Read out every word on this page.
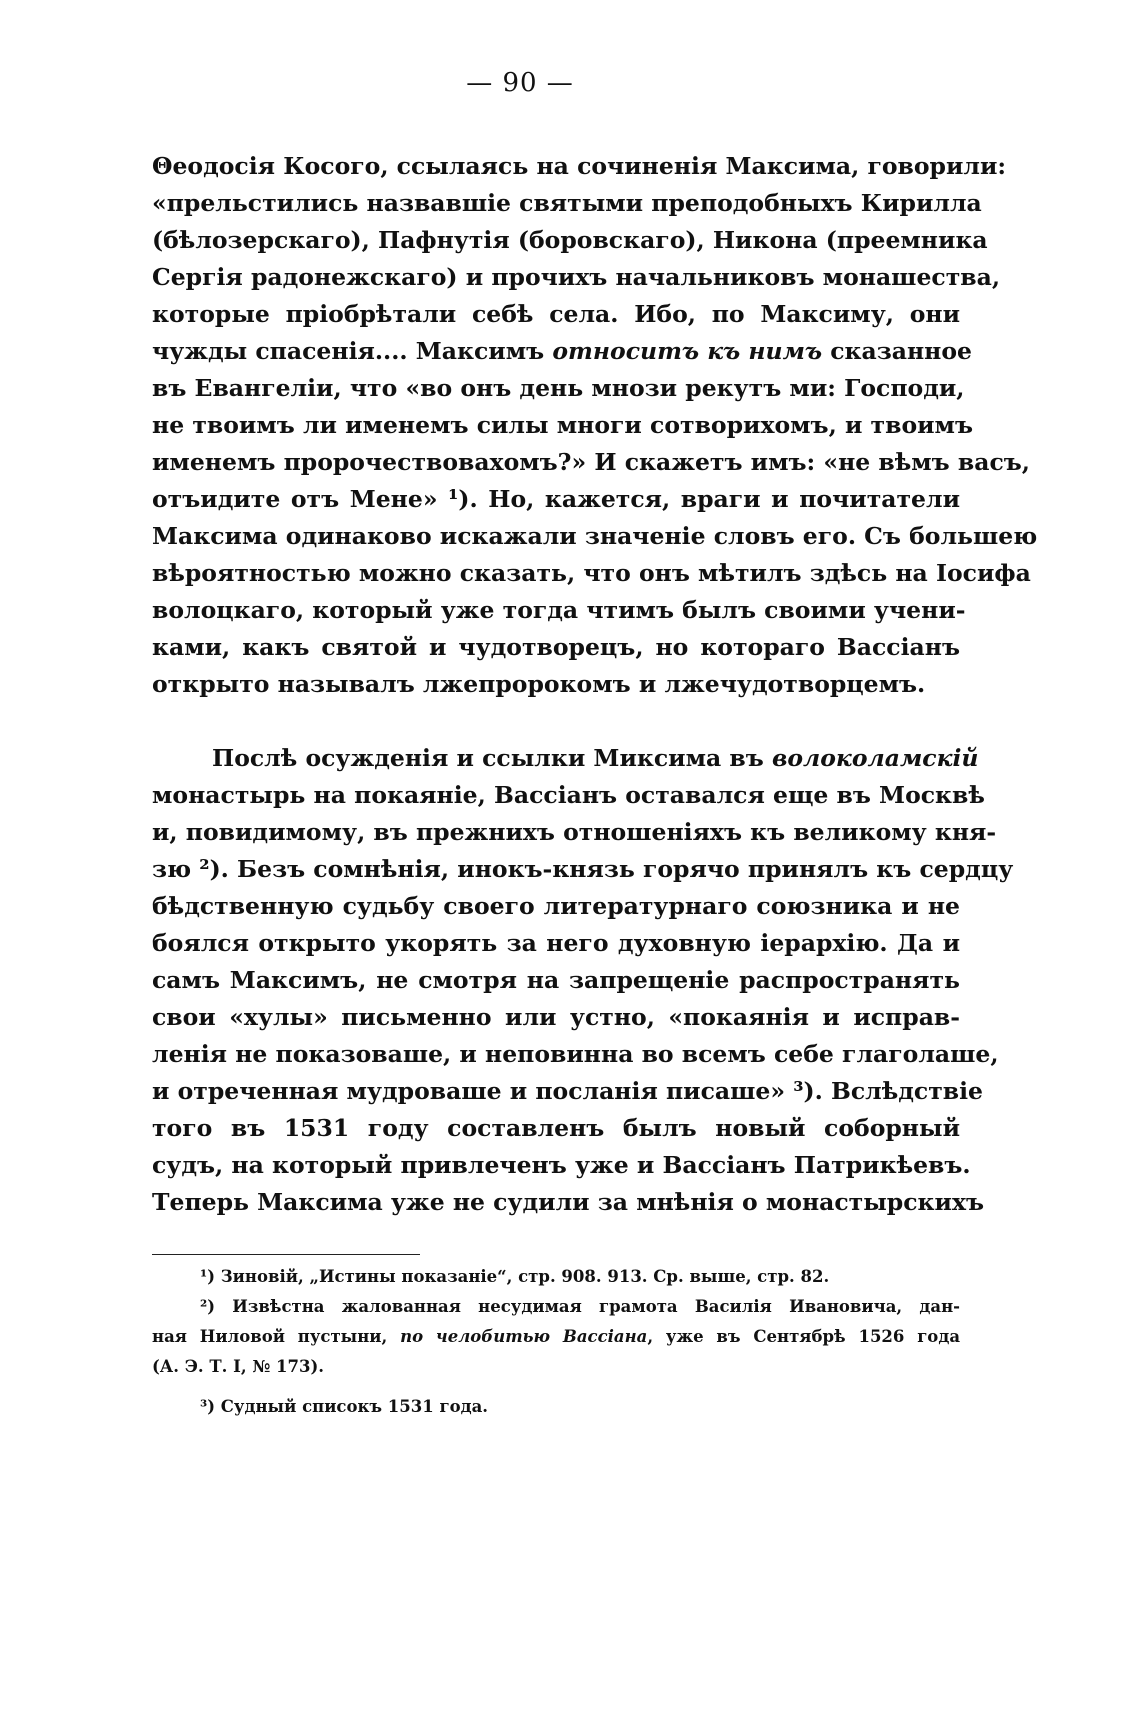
— 90 —
Θеодосія Косого, ссылаясь на сочиненія Максима, говорили:
«прельстились назвавшіе святыми преподобныхъ Кирилла
(бѣлозерскаго), Пафнутія (боровскаго), Никона (преемника
Сергія радонежскаго) и прочихъ начальниковъ монашества,
которые пріобрѣтали себѣ села. Ибо, по Максиму, они
чужды спасенія.... Максимъ относитъ къ нимъ сказанное
въ Евангеліи, что «во онъ день мнози рекутъ ми: Господи,
не твоимъ ли именемъ силы многи сотворихомъ, и твоимъ
именемъ пророчествовахомъ?» И скажетъ имъ: «не вѣмъ васъ,
отъидите отъ Мене» ¹). Но, кажется, враги и почитатели
Максима одинаково искажали значеніе словъ его. Съ большею
вѣроятностью можно сказать, что онъ мѣтилъ здѣсь на Іосифа
волоцкаго, который уже тогда чтимъ былъ своими учени-
ками, какъ святой и чудотворецъ, но котораго Вассіанъ
открыто называлъ лжепророкомъ и лжечудотворцемъ.
Послѣ осужденія и ссылки Миксима въ волоколамскій
монастырь на покаяніе, Вассіанъ оставался еще въ Москвѣ
и, повидимому, въ прежнихъ отношеніяхъ къ великому кня-
зю ²). Безъ сомнѣнія, инокъ-князь горячо принялъ къ сердцу
бѣдственную судьбу своего литературнаго союзника и не
боялся открыто укорять за него духовную іерархію. Да и
самъ Максимъ, не смотря на запрещеніе распространять
свои «хулы» письменно или устно, «покаянія и исправ-
ленія не показоваше, и неповинна во всемъ себе глаголаше,
и отреченная мудроваше и посланія писаше» ³). Вслѣдствіе
того въ 1531 году составленъ былъ новый соборный
судъ, на который привлеченъ уже и Вассіанъ Патрикѣевъ.
Теперь Максима уже не судили за мнѣнія о монастырскихъ
¹) Зиновій, „Истины показаніе“, стр. 908. 913. Ср. выше, стр. 82.
²) Извѣстна жалованная несудимая грамота Василія Ивановича, дан-
ная Ниловой пустыни, по челобитью Вассіана, уже въ Сентябрѣ 1526 года
(А. Э. Т. I, № 173).
³) Судный списокъ 1531 года.
